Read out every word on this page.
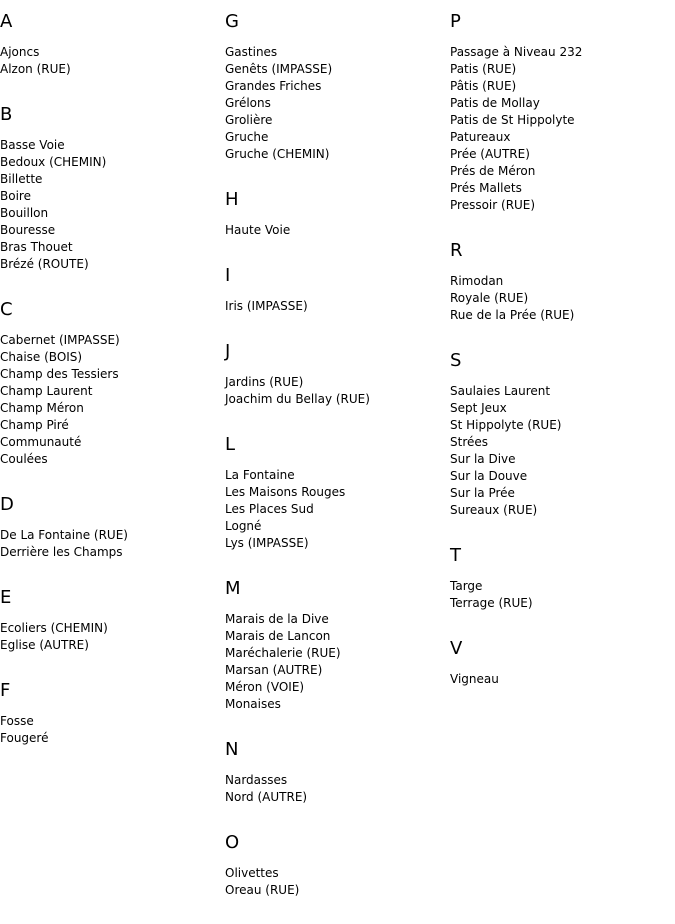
A
Ajoncs
Alzon (RUE)
B
Basse Voie
Bedoux (CHEMIN)
Billette
Boire
Bouillon
Bouresse
Bras Thouet
Brézé (ROUTE)
C
Cabernet (IMPASSE)
Chaise (BOIS)
Champ des Tessiers
Champ Laurent
Champ Méron
Champ Piré
Communauté
Coulées
D
De La Fontaine (RUE)
Derrière les Champs
E
Ecoliers (CHEMIN)
Eglise (AUTRE)
F
Fosse
Fougeré
G
Gastines
Genêts (IMPASSE)
Grandes Friches
Grélons
Grolière
Gruche
Gruche (CHEMIN)
H
Haute Voie
I
Iris (IMPASSE)
J
Jardins (RUE)
Joachim du Bellay (RUE)
L
La Fontaine
Les Maisons Rouges
Les Places Sud
Logné
Lys (IMPASSE)
M
Marais de la Dive
Marais de Lancon
Maréchalerie (RUE)
Marsan (AUTRE)
Méron (VOIE)
Monaises
N
Nardasses
Nord (AUTRE)
O
Olivettes
Oreau (RUE)
P
Passage à Niveau 232
Patis (RUE)
Pâtis (RUE)
Patis de Mollay
Patis de St Hippolyte
Patureaux
Prée (AUTRE)
Prés de Méron
Prés Mallets
Pressoir (RUE)
R
Rimodan
Royale (RUE)
Rue de la Prée (RUE)
S
Saulaies Laurent
Sept Jeux
St Hippolyte (RUE)
Strées
Sur la Dive
Sur la Douve
Sur la Prée
Sureaux (RUE)
T
Targe
Terrage (RUE)
V
Vigneau
